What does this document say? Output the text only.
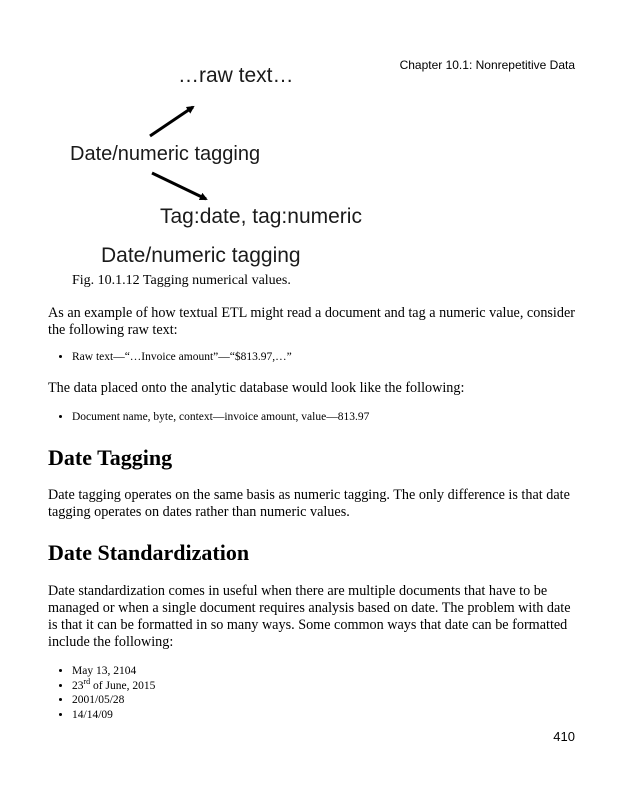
Chapter 10.1: Nonrepetitive Data
…raw text…
Date/numeric tagging
Tag:date, tag:numeric
Date/numeric tagging
Fig. 10.1.12 Tagging numerical values.
As an example of how textual ETL might read a document and tag a numeric value, consider the following raw text:
• Raw text—“…Invoice amount”—“$813.97,…”
The data placed onto the analytic database would look like the following:
• Document name, byte, context—invoice amount, value—813.97
Date Tagging
Date tagging operates on the same basis as numeric tagging. The only difference is that date tagging operates on dates rather than numeric values.
Date Standardization
Date standardization comes in useful when there are multiple documents that have to be managed or when a single document requires analysis based on date. The problem with date is that it can be formatted in so many ways. Some common ways that date can be formatted include the following:
• May 13, 2104
• 23rd of June, 2015
• 2001/05/28
• 14/14/09
410
